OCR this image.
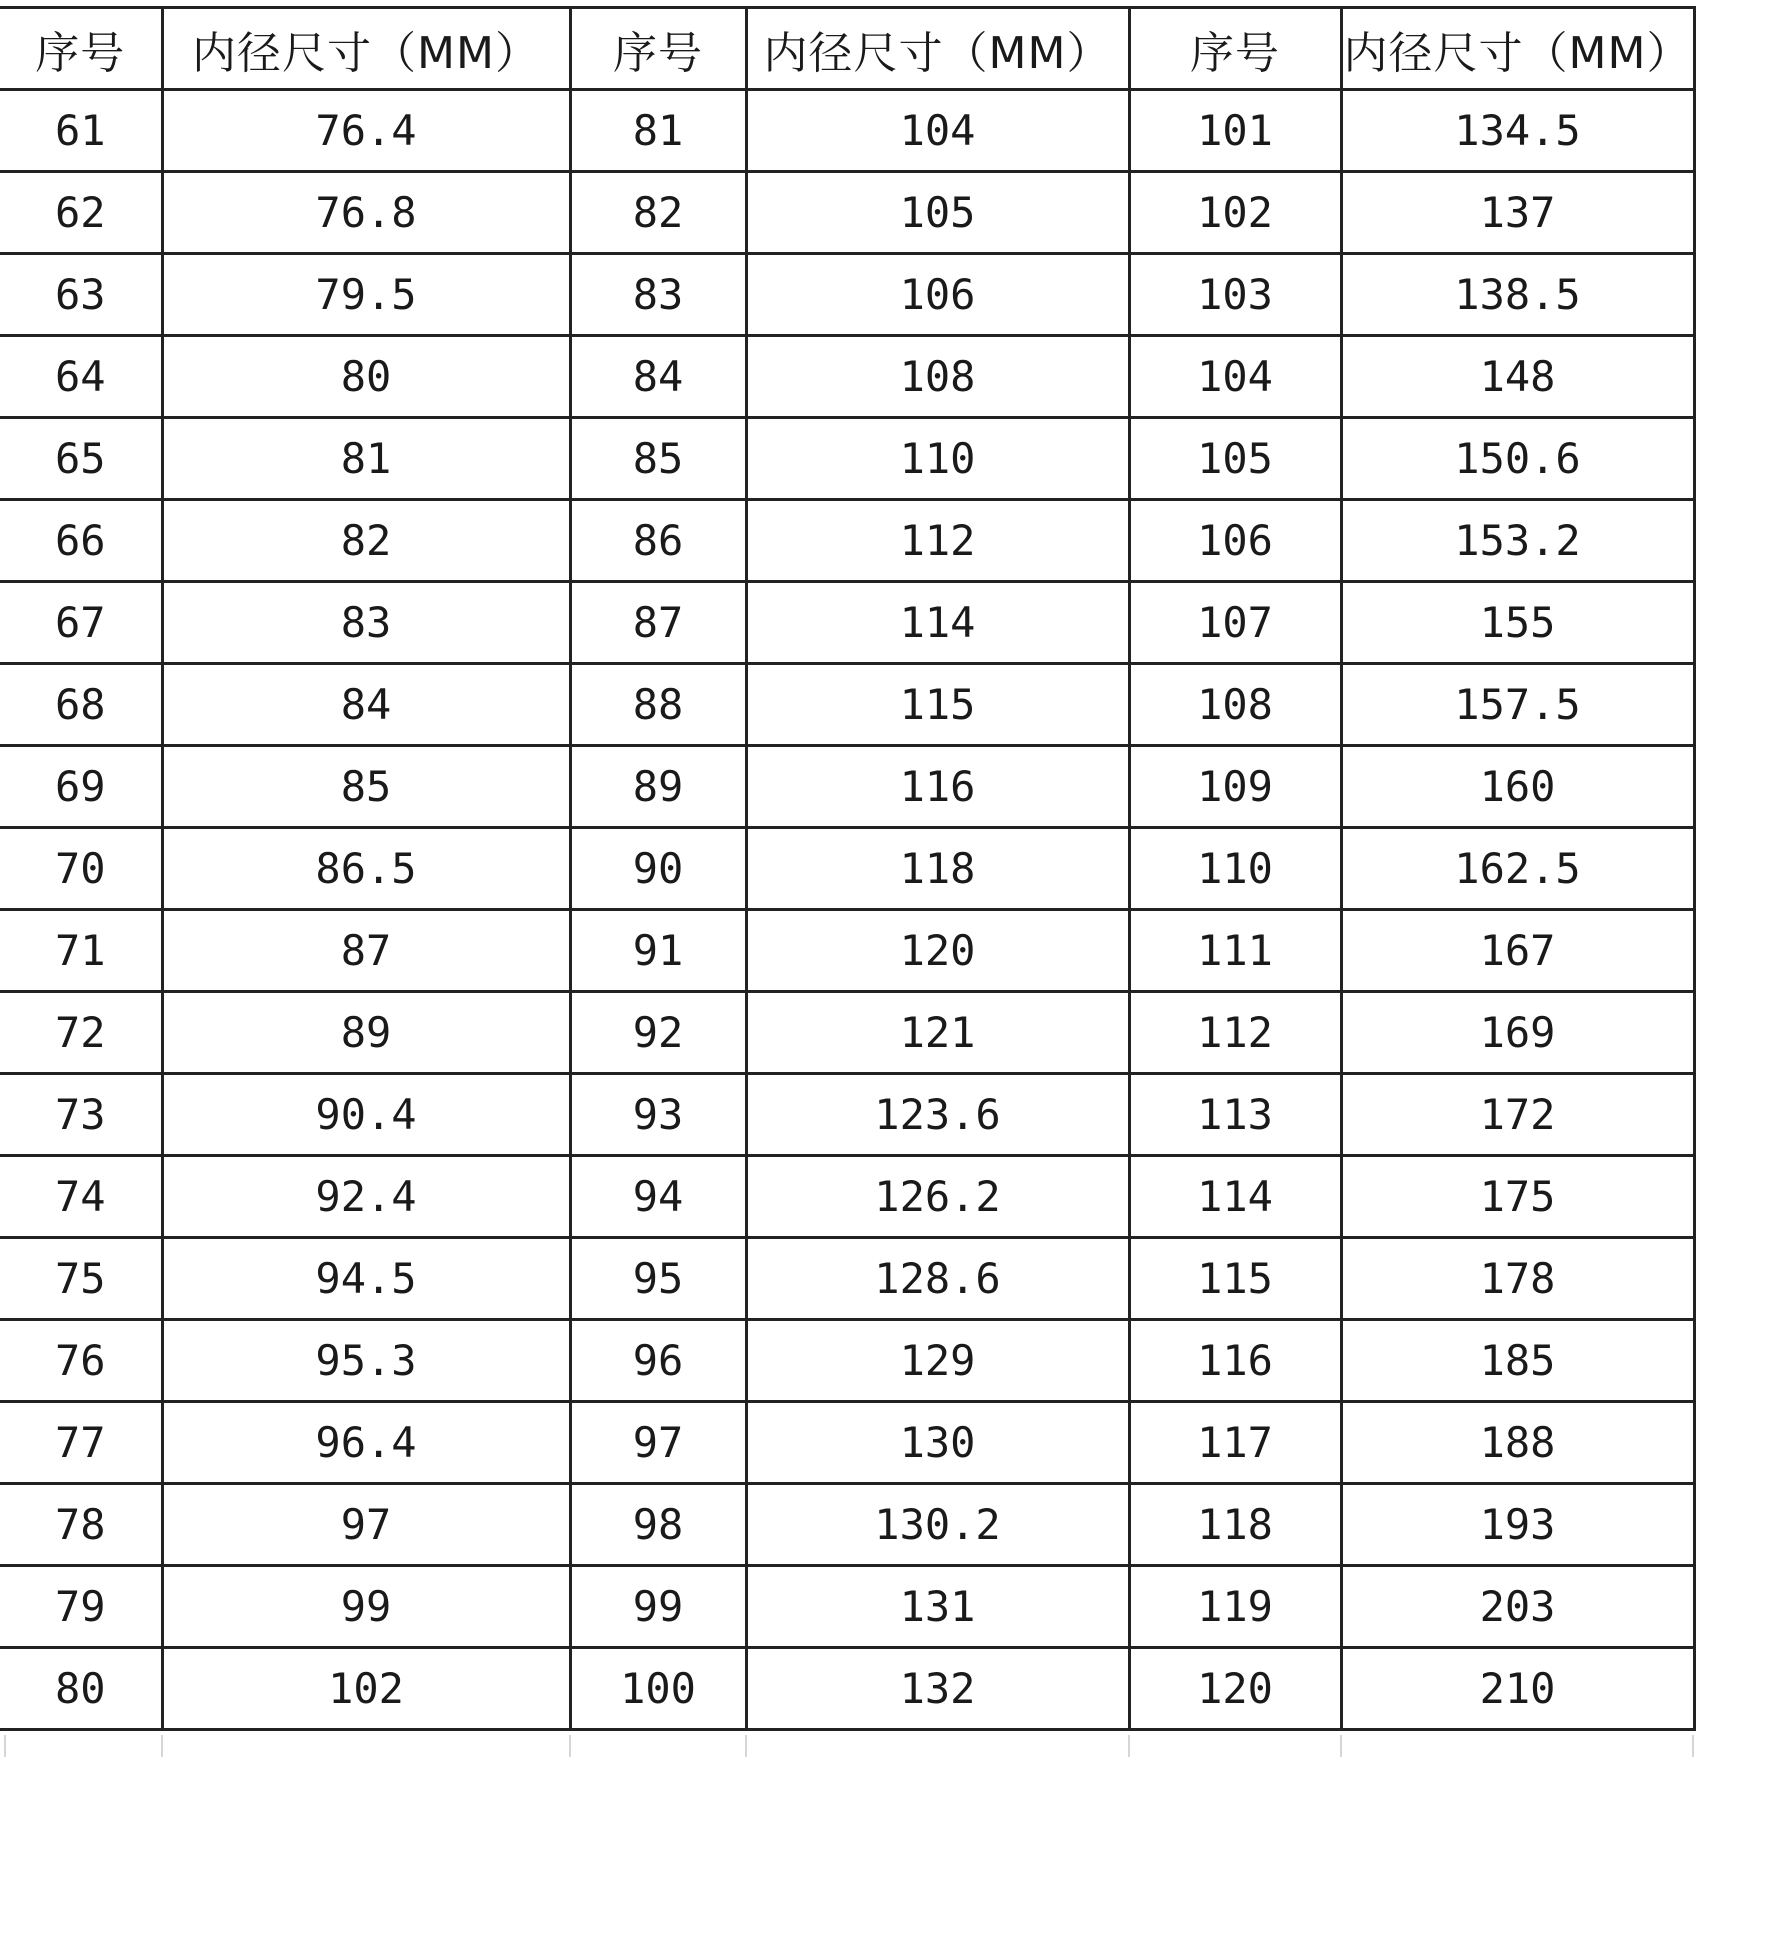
序号	内径尺寸（MM）	序号	内径尺寸（MM）	序号	内径尺寸（MM）
61	76.4	81	104	101	134.5
62	76.8	82	105	102	137
63	79.5	83	106	103	138.5
64	80	84	108	104	148
65	81	85	110	105	150.6
66	82	86	112	106	153.2
67	83	87	114	107	155
68	84	88	115	108	157.5
69	85	89	116	109	160
70	86.5	90	118	110	162.5
71	87	91	120	111	167
72	89	92	121	112	169
73	90.4	93	123.6	113	172
74	92.4	94	126.2	114	175
75	94.5	95	128.6	115	178
76	95.3	96	129	116	185
77	96.4	97	130	117	188
78	97	98	130.2	118	193
79	99	99	131	119	203
80	102	100	132	120	210
